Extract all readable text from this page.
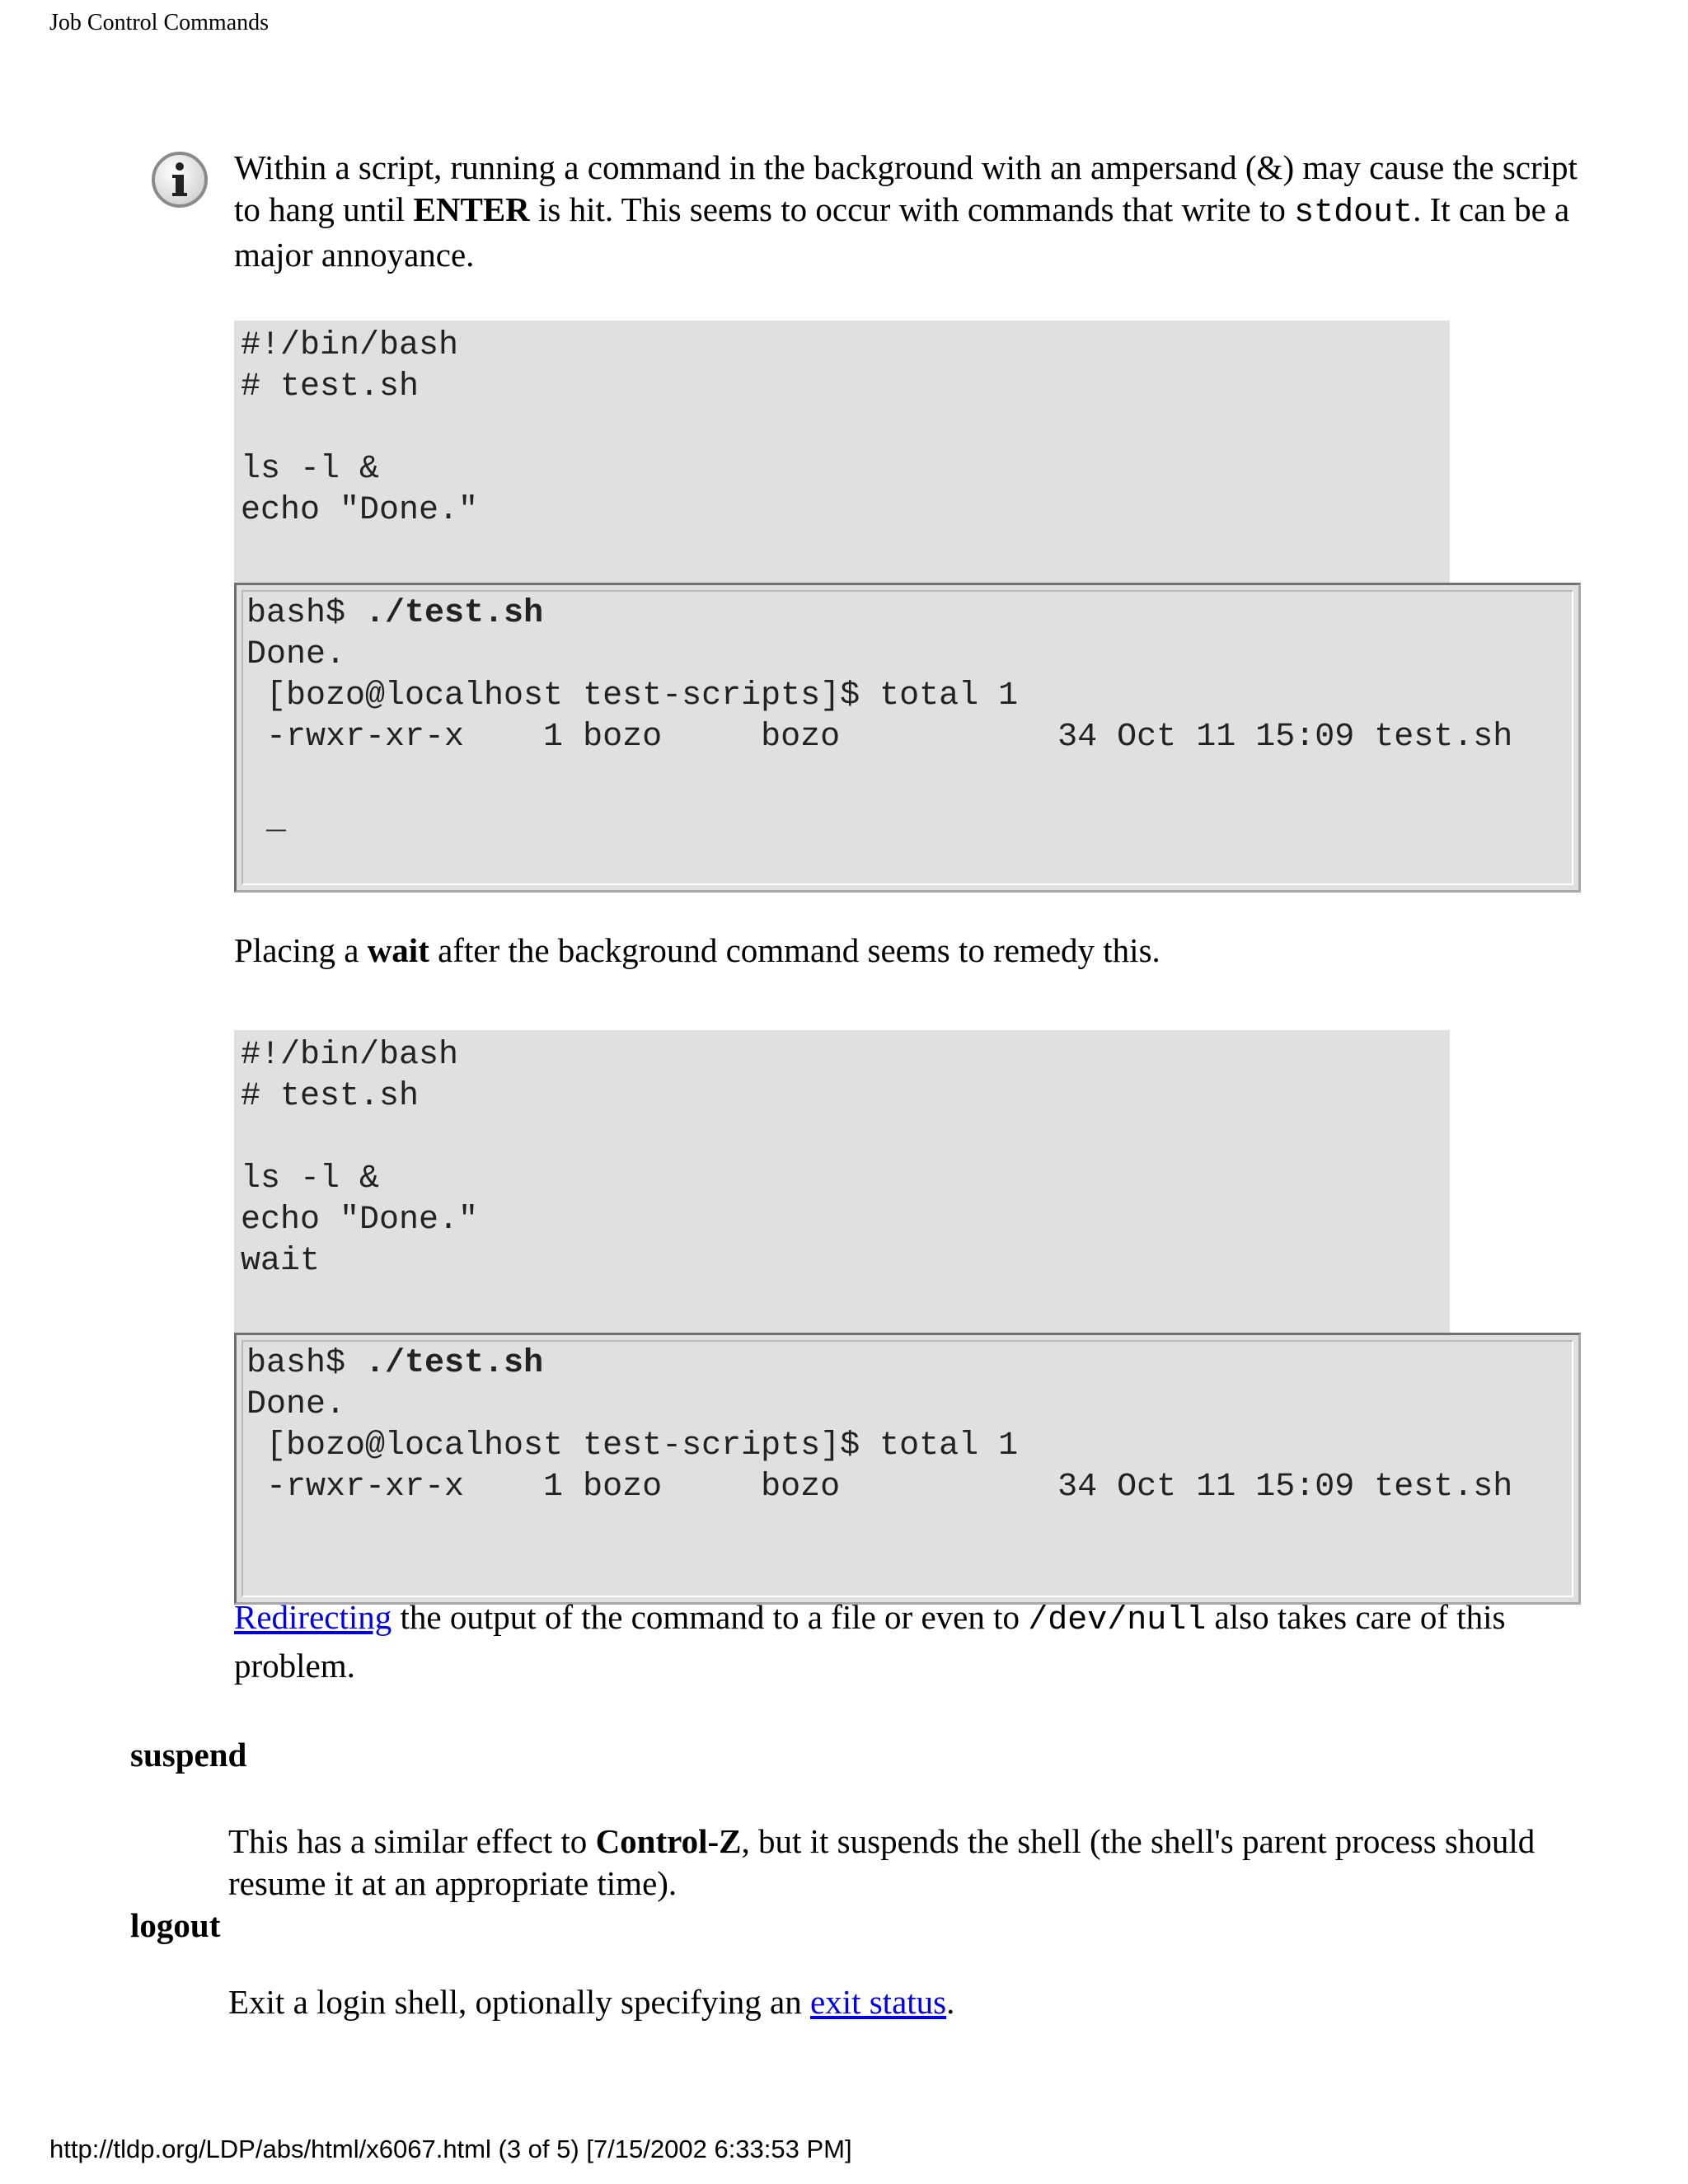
Job Control Commands
Within a script, running a command in the background with an ampersand (&) may cause the script to hang until ENTER is hit. This seems to occur with commands that write to stdout. It can be a major annoyance.
#!/bin/bash
# test.sh

ls -l &
echo "Done."
bash$ ./test.sh
Done.
[bozo@localhost test-scripts]$ total 1
-rwxr-xr-x    1 bozo     bozo           34 Oct 11 15:09 test.sh

_
Placing a wait after the background command seems to remedy this.
#!/bin/bash
# test.sh

ls -l &
echo "Done."
wait
bash$ ./test.sh
Done.
[bozo@localhost test-scripts]$ total 1
-rwxr-xr-x    1 bozo     bozo           34 Oct 11 15:09 test.sh
Redirecting the output of the command to a file or even to /dev/null also takes care of this problem.
suspend
This has a similar effect to Control-Z, but it suspends the shell (the shell's parent process should resume it at an appropriate time).
logout
Exit a login shell, optionally specifying an exit status.
http://tldp.org/LDP/abs/html/x6067.html (3 of 5) [7/15/2002 6:33:53 PM]
